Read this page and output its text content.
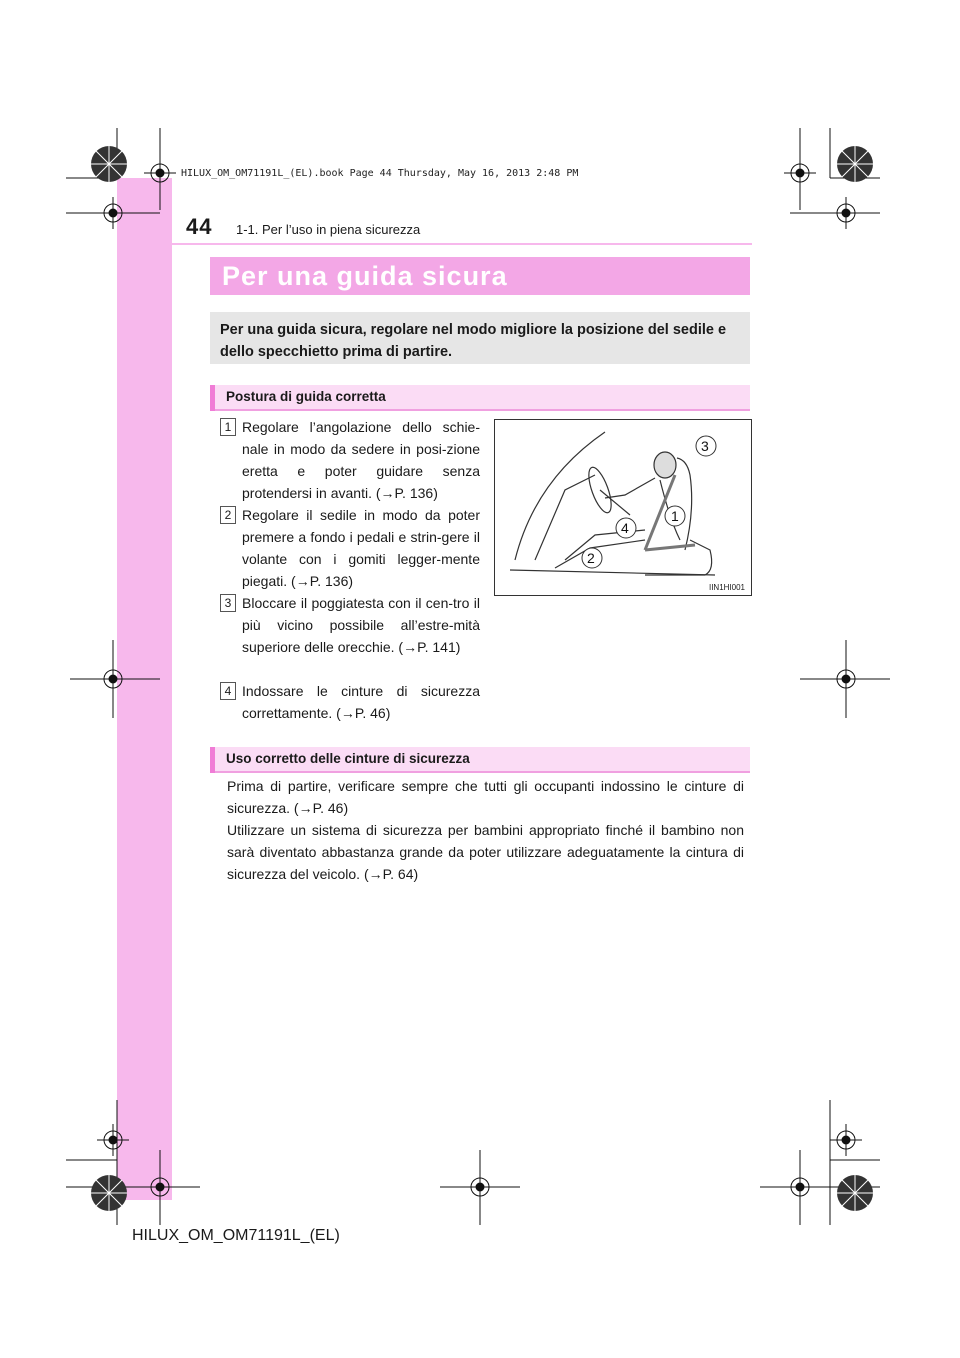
HILUX_OM_OM71191L_(EL).book Page 44 Thursday, May 16, 2013 2:48 PM
44 1-1. Per l’uso in piena sicurezza
Per una guida sicura
Per una guida sicura, regolare nel modo migliore la posizione del sedile e dello specchietto prima di partire.
Postura di guida corretta
1 Regolare l’angolazione dello schie-nale in modo da sedere in posi-zione eretta e poter guidare senza protendersi in avanti. (→P. 136)
2 Regolare il sedile in modo da poter premere a fondo i pedali e strin-gere il volante con i gomiti legger-mente piegati. (→P. 136)
3 Bloccare il poggiatesta con il cen-tro il più vicino possibile all’estre-mità superiore delle orecchie. (→P. 141)
4 Indossare le cinture di sicurezza correttamente. (→P. 46)
3
1
2
4
IIN1HI001
Uso corretto delle cinture di sicurezza
Prima di partire, verificare sempre che tutti gli occupanti indossino le cinture di sicurezza. (→P. 46)
Utilizzare un sistema di sicurezza per bambini appropriato finché il bambino non sarà diventato abbastanza grande da poter utilizzare adeguatamente la cintura di sicurezza del veicolo. (→P. 64)
HILUX_OM_OM71191L_(EL)
